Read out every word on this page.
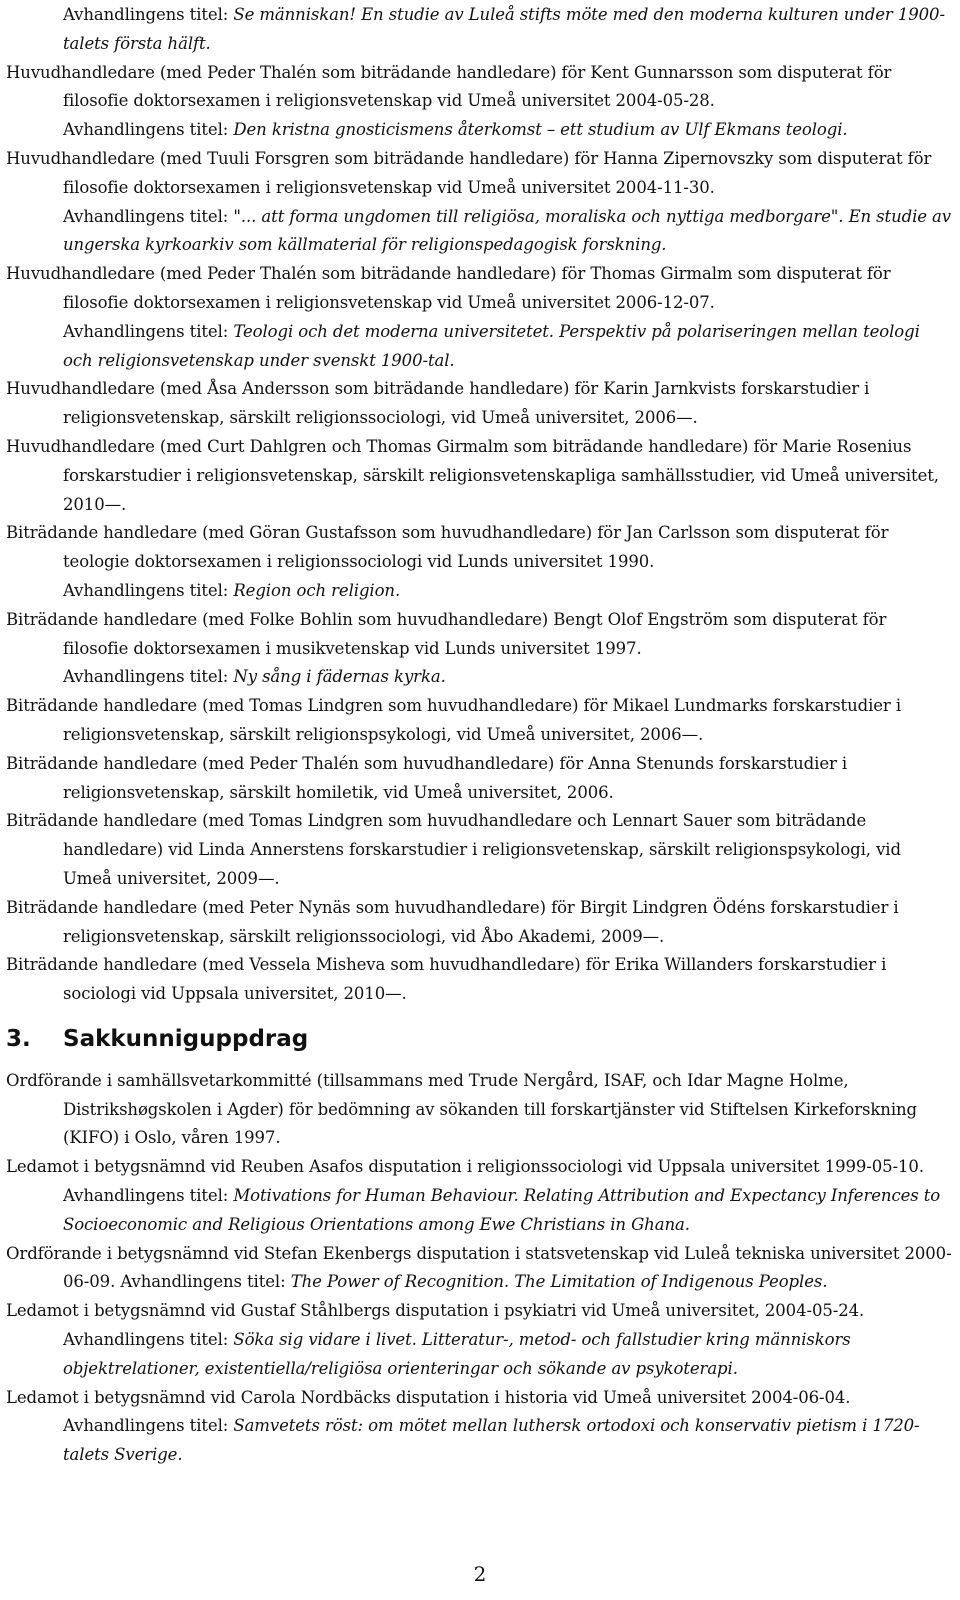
Avhandlingens titel: Se människan! En studie av Luleå stifts möte med den moderna kulturen under 1900-talets första hälft.

Huvudhandledare (med Peder Thalén som biträdande handledare) för Kent Gunnarsson som disputerat för filosofie doktorsexamen i religionsvetenskap vid Umeå universitet 2004-05-28.
Avhandlingens titel: Den kristna gnosticismens återkomst – ett studium av Ulf Ekmans teologi.

Huvudhandledare (med Tuuli Forsgren som biträdande handledare) för Hanna Zipernovszky som disputerat för filosofie doktorsexamen i religionsvetenskap vid Umeå universitet 2004-11-30.
Avhandlingens titel: "... att forma ungdomen till religiösa, moraliska och nyttiga medborgare". En studie av ungerska kyrkoarkiv som källmaterial för religionspedagogisk forskning.

Huvudhandledare (med Peder Thalén som biträdande handledare) för Thomas Girmalm som disputerat för filosofie doktorsexamen i religionsvetenskap vid Umeå universitet 2006-12-07.
Avhandlingens titel: Teologi och det moderna universitetet. Perspektiv på polariseringen mellan teologi och religionsvetenskap under svenskt 1900-tal.

Huvudhandledare (med Åsa Andersson som biträdande handledare) för Karin Jarnkvists forskarstudier i religionsvetenskap, särskilt religionssociologi, vid Umeå universitet, 2006—.

Huvudhandledare (med Curt Dahlgren och Thomas Girmalm som biträdande handledare) för Marie Rosenius forskarstudier i religionsvetenskap, särskilt religionsvetenskapliga samhällsstudier, vid Umeå universitet, 2010—.

Biträdande handledare (med Göran Gustafsson som huvudhandledare) för Jan Carlsson som disputerat för teologie doktorsexamen i religionssociologi vid Lunds universitet 1990.
Avhandlingens titel: Region och religion.

Biträdande handledare (med Folke Bohlin som huvudhandledare) Bengt Olof Engström som disputerat för filosofie doktorsexamen i musikvetenskap vid Lunds universitet 1997.
Avhandlingens titel: Ny sång i fädernas kyrka.

Biträdande handledare (med Tomas Lindgren som huvudhandledare) för Mikael Lundmarks forskarstudier i religionsvetenskap, särskilt religionspsykologi, vid Umeå universitet, 2006—.

Biträdande handledare (med Peder Thalén som huvudhandledare) för Anna Stenunds forskarstudier i religionsvetenskap, särskilt homiletik, vid Umeå universitet, 2006.

Biträdande handledare (med Tomas Lindgren som huvudhandledare och Lennart Sauer som biträdande handledare) vid Linda Annerstens forskarstudier i religionsvetenskap, särskilt religionspsykologi, vid Umeå universitet, 2009—.

Biträdande handledare (med Peter Nynäs som huvudhandledare) för Birgit Lindgren Ödéns forskarstudier i religionsvetenskap, särskilt religionssociologi, vid Åbo Akademi, 2009—.

Biträdande handledare (med Vessela Misheva som huvudhandledare) för Erika Willanders forskarstudier i sociologi vid Uppsala universitet, 2010—.

3. Sakkunniguppdrag

Ordförande i samhällsvetarkommitté (tillsammans med Trude Nergård, ISAF, och Idar Magne Holme, Distrikshøgskolen i Agder) för bedömning av sökanden till forskartjänster vid Stiftelsen Kirkeforskning (KIFO) i Oslo, våren 1997.

Ledamot i betygsnämnd vid Reuben Asafos disputation i religionssociologi vid Uppsala universitet 1999-05-10. Avhandlingens titel: Motivations for Human Behaviour. Relating Attribution and Expectancy Inferences to Socioeconomic and Religious Orientations among Ewe Christians in Ghana.

Ordförande i betygsnämnd vid Stefan Ekenbergs disputation i statsvetenskap vid Luleå tekniska universitet 2000-06-09. Avhandlingens titel: The Power of Recognition. The Limitation of Indigenous Peoples.

Ledamot i betygsnämnd vid Gustaf Ståhlbergs disputation i psykiatri vid Umeå universitet, 2004-05-24. Avhandlingens titel: Söka sig vidare i livet. Litteratur-, metod- och fallstudier kring människors objektrelationer, existentiella/religiösa orienteringar och sökande av psykoterapi.

Ledamot i betygsnämnd vid Carola Nordbäcks disputation i historia vid Umeå universitet 2004-06-04.
Avhandlingens titel: Samvetets röst: om mötet mellan luthersk ortodoxi och konservativ pietism i 1720-talets Sverige.

2
